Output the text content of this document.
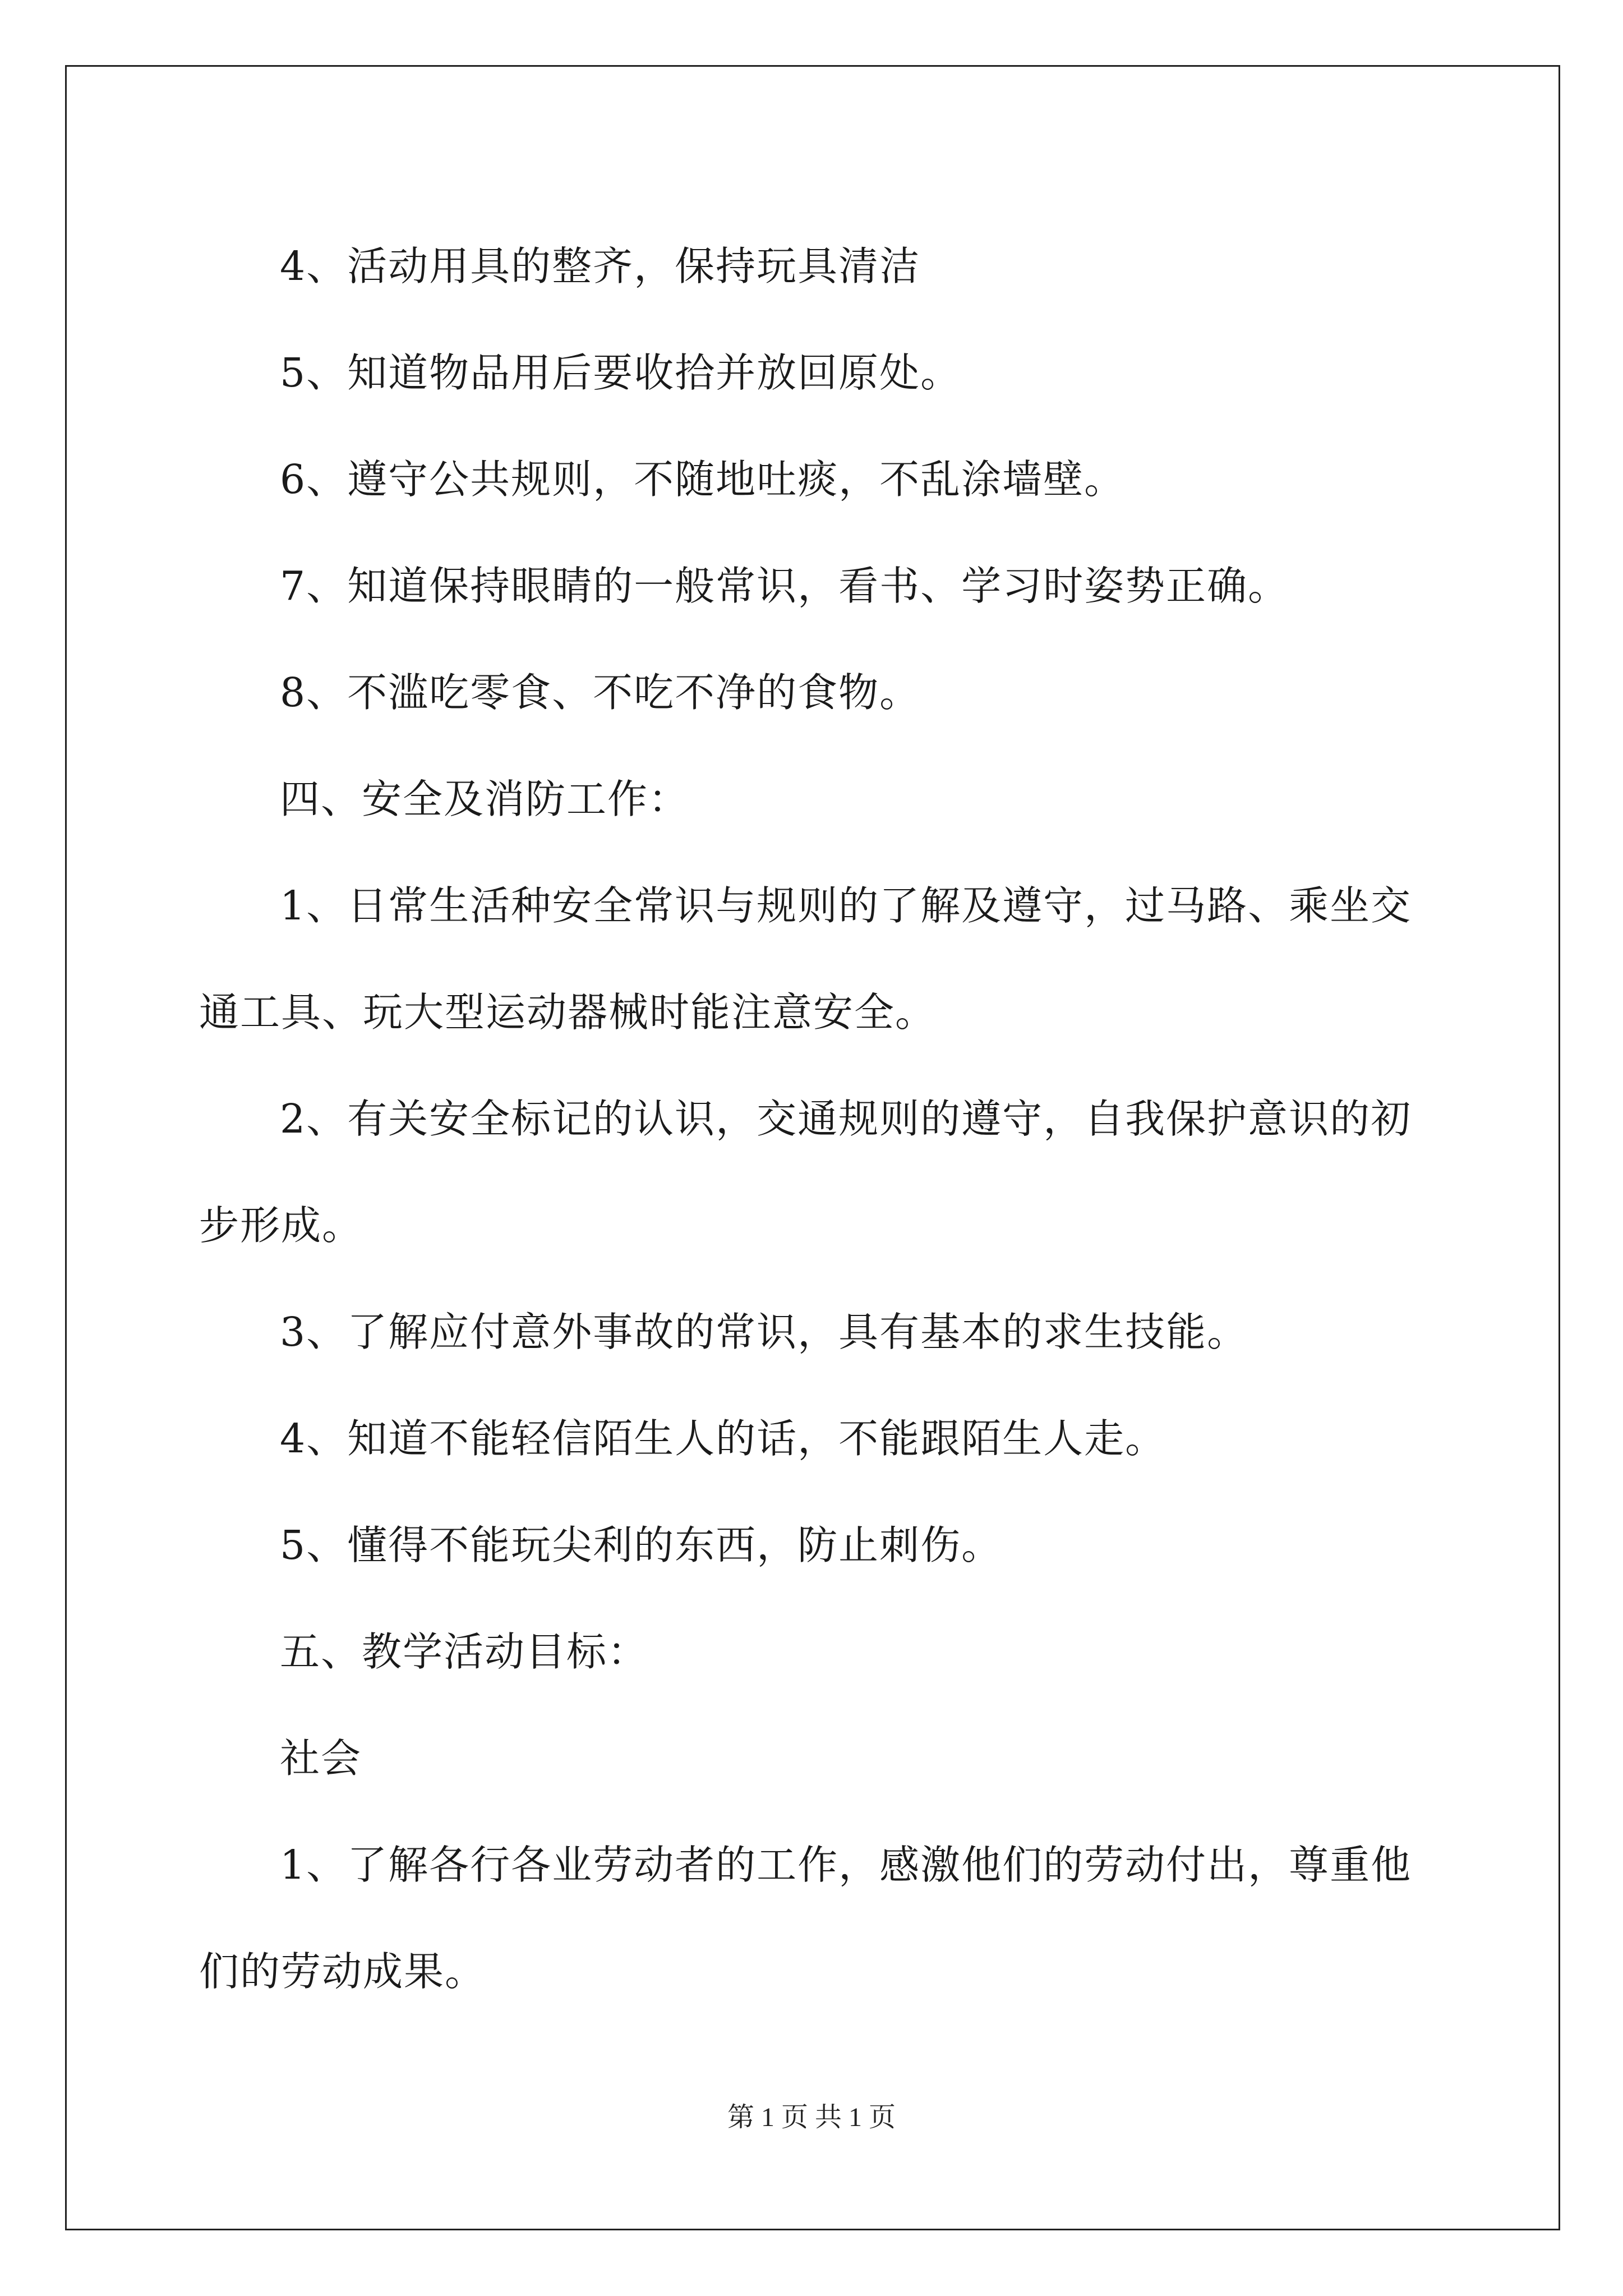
4、活动用具的整齐，保持玩具清洁

5、知道物品用后要收拾并放回原处。

6、遵守公共规则，不随地吐痰，不乱涂墙壁。

7、知道保持眼睛的一般常识，看书、学习时姿势正确。

8、不滥吃零食、不吃不净的食物。

四、安全及消防工作：

1、日常生活种安全常识与规则的了解及遵守，过马路、乘坐交通工具、玩大型运动器械时能注意安全。

2、有关安全标记的认识，交通规则的遵守，自我保护意识的初步形成。

3、了解应付意外事故的常识，具有基本的求生技能。

4、知道不能轻信陌生人的话，不能跟陌生人走。

5、懂得不能玩尖利的东西，防止刺伤。

五、教学活动目标：

社会

1、了解各行各业劳动者的工作，感激他们的劳动付出，尊重他们的劳动成果。

第 1 页 共 1 页
